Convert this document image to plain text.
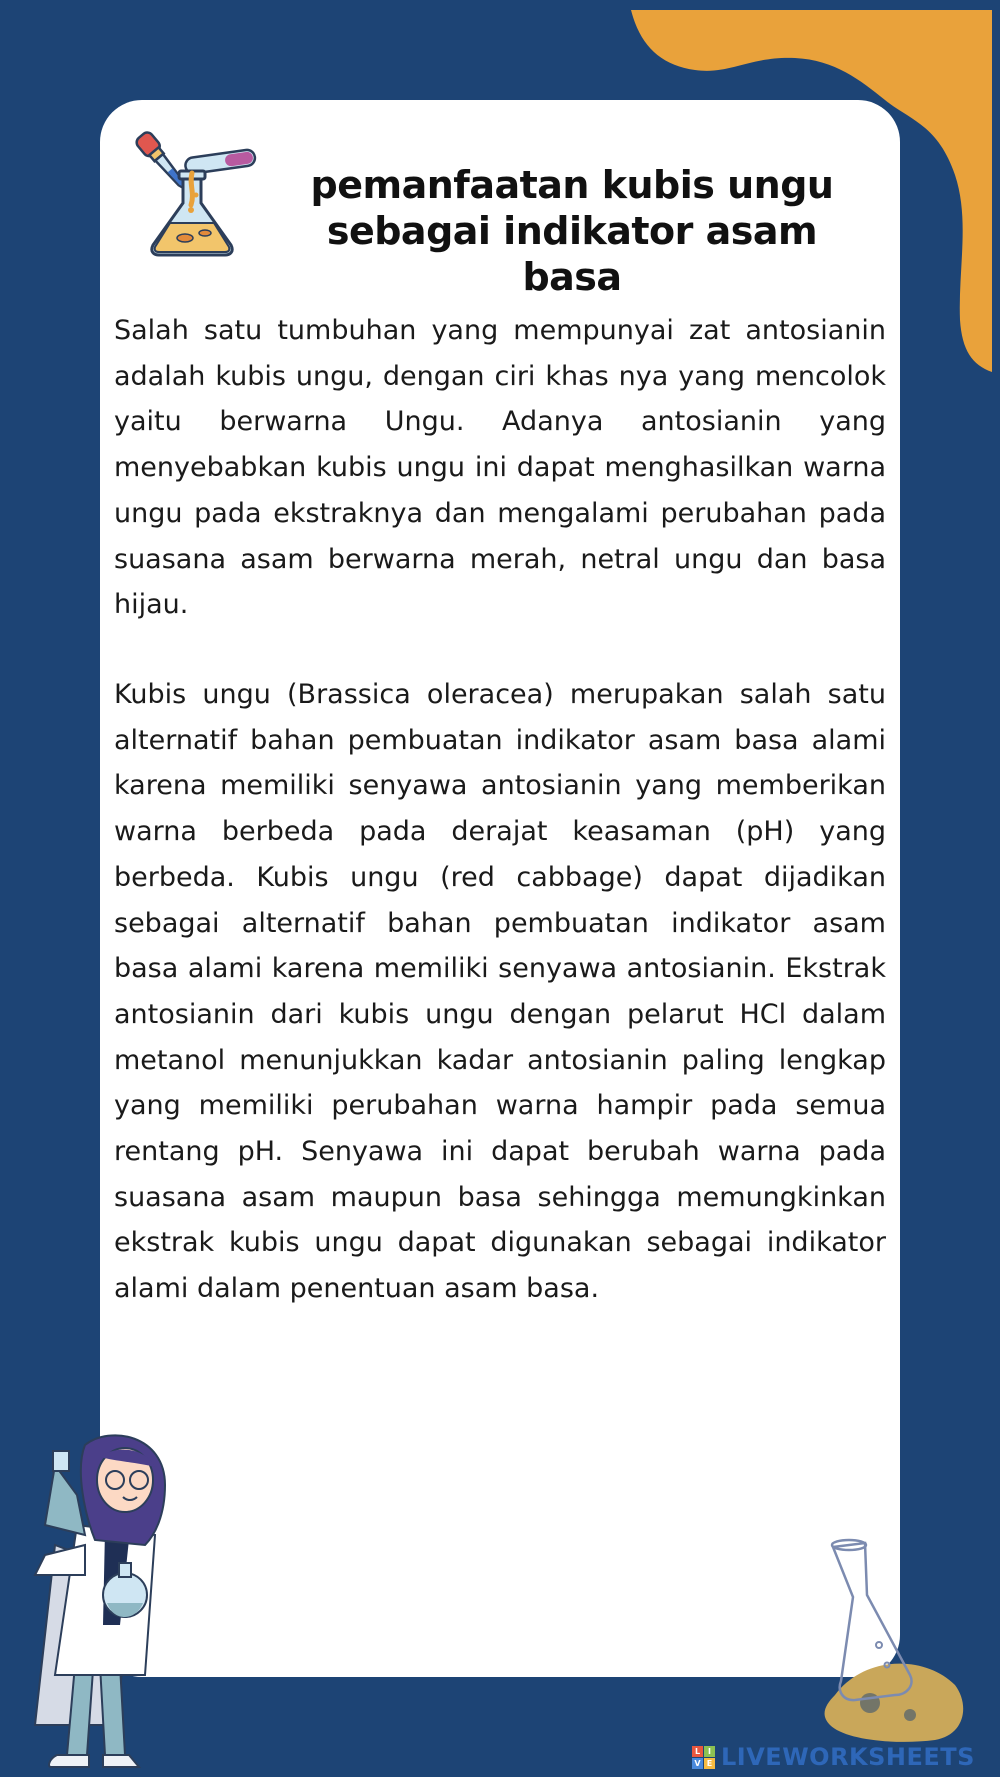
pemanfaatan kubis ungu sebagai indikator asam basa

Salah satu tumbuhan yang mempunyai zat antosianin adalah kubis ungu, dengan ciri khas nya yang mencolok yaitu berwarna Ungu. Adanya antosianin yang menyebabkan kubis ungu ini dapat menghasilkan warna ungu pada ekstraknya dan mengalami perubahan pada suasana asam berwarna merah, netral ungu dan basa hijau.

Kubis ungu (Brassica oleracea) merupakan salah satu alternatif bahan pembuatan indikator asam basa alami karena memiliki senyawa antosianin yang memberikan warna berbeda pada derajat keasaman (pH) yang berbeda. Kubis ungu (red cabbage) dapat dijadikan sebagai alternatif bahan pembuatan indikator asam basa alami karena memiliki senyawa antosianin. Ekstrak antosianin dari kubis ungu dengan pelarut HCl dalam metanol menunjukkan kadar antosianin paling lengkap yang memiliki perubahan warna hampir pada semua rentang pH. Senyawa ini dapat berubah warna pada suasana asam maupun basa sehingga memungkinkan ekstrak kubis ungu dapat digunakan sebagai indikator alami dalam penentuan asam basa.

L I
V E LIVEWORKSHEETS
